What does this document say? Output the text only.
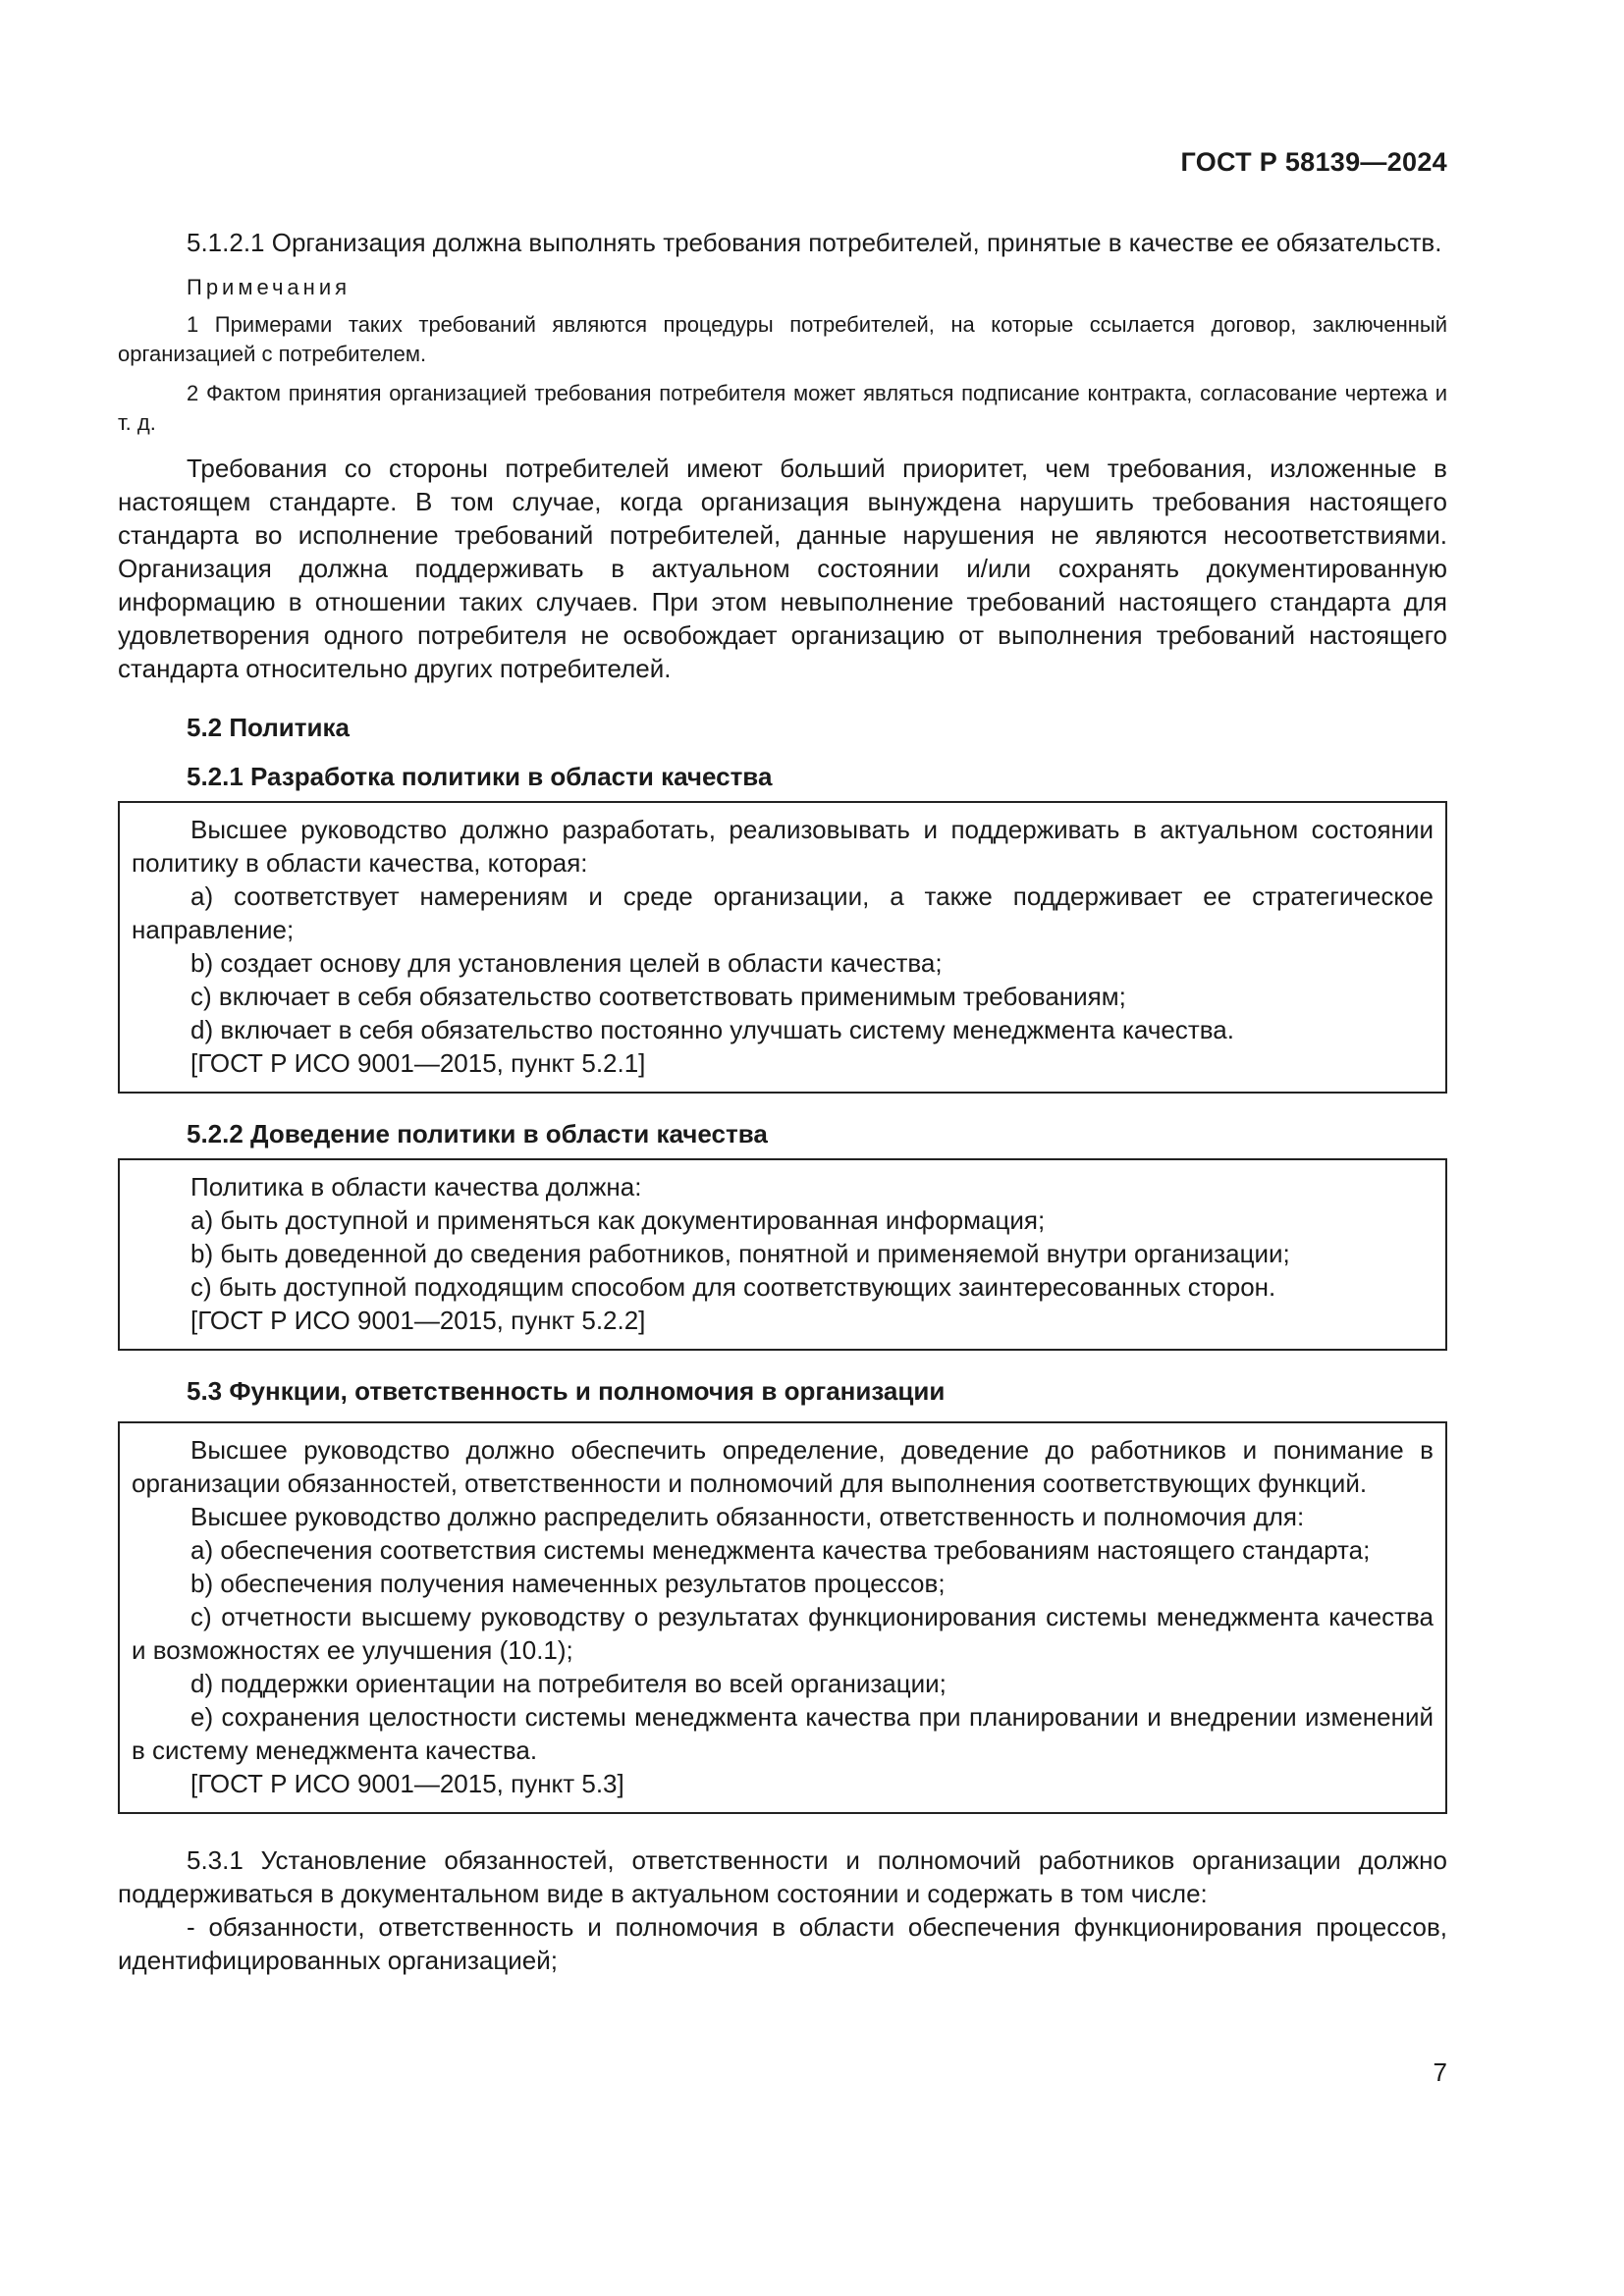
ГОСТ Р 58139—2024

5.1.2.1 Организация должна выполнять требования потребителей, принятые в качестве ее обязательств.

Примечания

1 Примерами таких требований являются процедуры потребителей, на которые ссылается договор, заключенный организацией с потребителем.

2 Фактом принятия организацией требования потребителя может являться подписание контракта, согласование чертежа и т. д.

Требования со стороны потребителей имеют больший приоритет, чем требования, изложенные в настоящем стандарте. В том случае, когда организация вынуждена нарушить требования настоящего стандарта во исполнение требований потребителей, данные нарушения не являются несоответствиями. Организация должна поддерживать в актуальном состоянии и/или сохранять документированную информацию в отношении таких случаев. При этом невыполнение требований настоящего стандарта для удовлетворения одного потребителя не освобождает организацию от выполнения требований настоящего стандарта относительно других потребителей.

5.2 Политика
5.2.1 Разработка политики в области качества

Высшее руководство должно разработать, реализовывать и поддерживать в актуальном состоянии политику в области качества, которая:

a) соответствует намерениям и среде организации, а также поддерживает ее стратегическое направление;

b) создает основу для установления целей в области качества;

c) включает в себя обязательство соответствовать применимым требованиям;

d) включает в себя обязательство постоянно улучшать систему менеджмента качества.

[ГОСТ Р ИСО 9001—2015, пункт 5.2.1]

5.2.2 Доведение политики в области качества

Политика в области качества должна:

a) быть доступной и применяться как документированная информация;

b) быть доведенной до сведения работников, понятной и применяемой внутри организации;

c) быть доступной подходящим способом для соответствующих заинтересованных сторон.

[ГОСТ Р ИСО 9001—2015, пункт 5.2.2]

5.3 Функции, ответственность и полномочия в организации

Высшее руководство должно обеспечить определение, доведение до работников и понимание в организации обязанностей, ответственности и полномочий для выполнения соответствующих функций.

Высшее руководство должно распределить обязанности, ответственность и полномочия для:

a) обеспечения соответствия системы менеджмента качества требованиям настоящего стандарта;

b) обеспечения получения намеченных результатов процессов;

c) отчетности высшему руководству о результатах функционирования системы менеджмента качества и возможностях ее улучшения (10.1);

d) поддержки ориентации на потребителя во всей организации;

e) сохранения целостности системы менеджмента качества при планировании и внедрении изменений в систему менеджмента качества.

[ГОСТ Р ИСО 9001—2015, пункт 5.3]

5.3.1 Установление обязанностей, ответственности и полномочий работников организации должно поддерживаться в документальном виде в актуальном состоянии и содержать в том числе:

- обязанности, ответственность и полномочия в области обеспечения функционирования процессов, идентифицированных организацией;

7
